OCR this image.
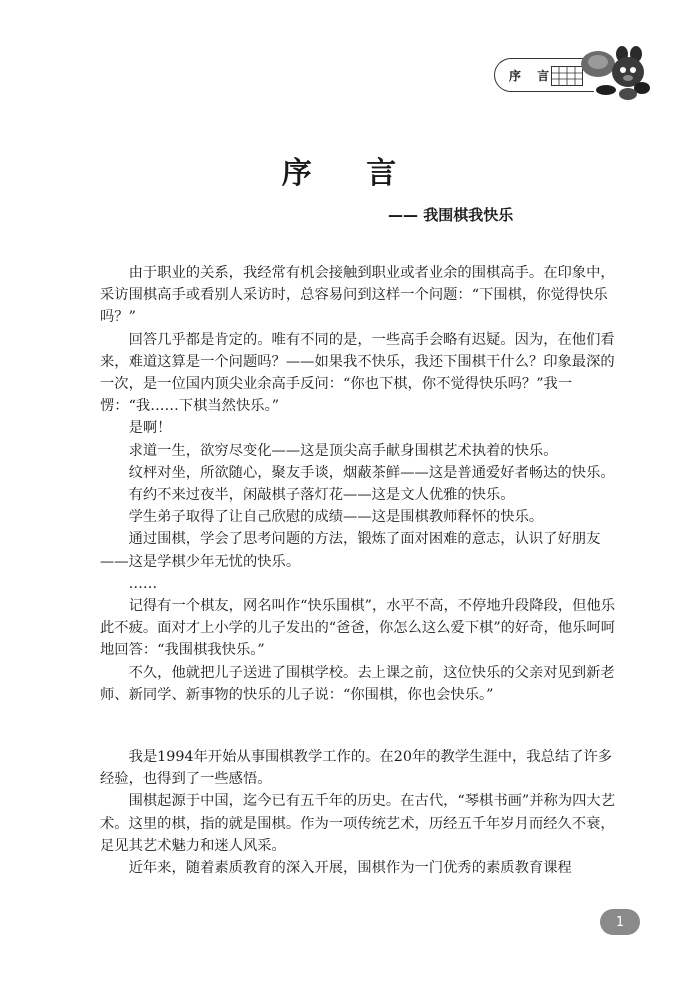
序 言
序 言
—— 我围棋我快乐

由于职业的关系，我经常有机会接触到职业或者业余的围棋高手。在印象中，采访围棋高手或看别人采访时，总容易问到这样一个问题：“下围棋，你觉得快乐吗？”

回答几乎都是肯定的。唯有不同的是，一些高手会略有迟疑。因为，在他们看来，难道这算是一个问题吗？——如果我不快乐，我还下围棋干什么？印象最深的一次，是一位国内顶尖业余高手反问：“你也下棋，你不觉得快乐吗？”我一愣：“我……下棋当然快乐。”

是啊！

求道一生，欲穷尽变化——这是顶尖高手献身围棋艺术执着的快乐。

纹枰对坐，所欲随心，聚友手谈，烟蔽茶鲜——这是普通爱好者畅达的快乐。

有约不来过夜半，闲敲棋子落灯花——这是文人优雅的快乐。

学生弟子取得了让自己欣慰的成绩——这是围棋教师释怀的快乐。

通过围棋，学会了思考问题的方法，锻炼了面对困难的意志，认识了好朋友——这是学棋少年无忧的快乐。

……

记得有一个棋友，网名叫作“快乐围棋”，水平不高，不停地升段降段，但他乐此不疲。面对才上小学的儿子发出的“爸爸，你怎么这么爱下棋”的好奇，他乐呵呵地回答：“我围棋我快乐。”

不久，他就把儿子送进了围棋学校。去上课之前，这位快乐的父亲对见到新老师、新同学、新事物的快乐的儿子说：“你围棋，你也会快乐。”

我是1994年开始从事围棋教学工作的。在20年的教学生涯中，我总结了许多经验，也得到了一些感悟。

围棋起源于中国，迄今已有五千年的历史。在古代，“琴棋书画”并称为四大艺术。这里的棋，指的就是围棋。作为一项传统艺术，历经五千年岁月而经久不衰，足见其艺术魅力和迷人风采。

近年来，随着素质教育的深入开展，围棋作为一门优秀的素质教育课程

1
